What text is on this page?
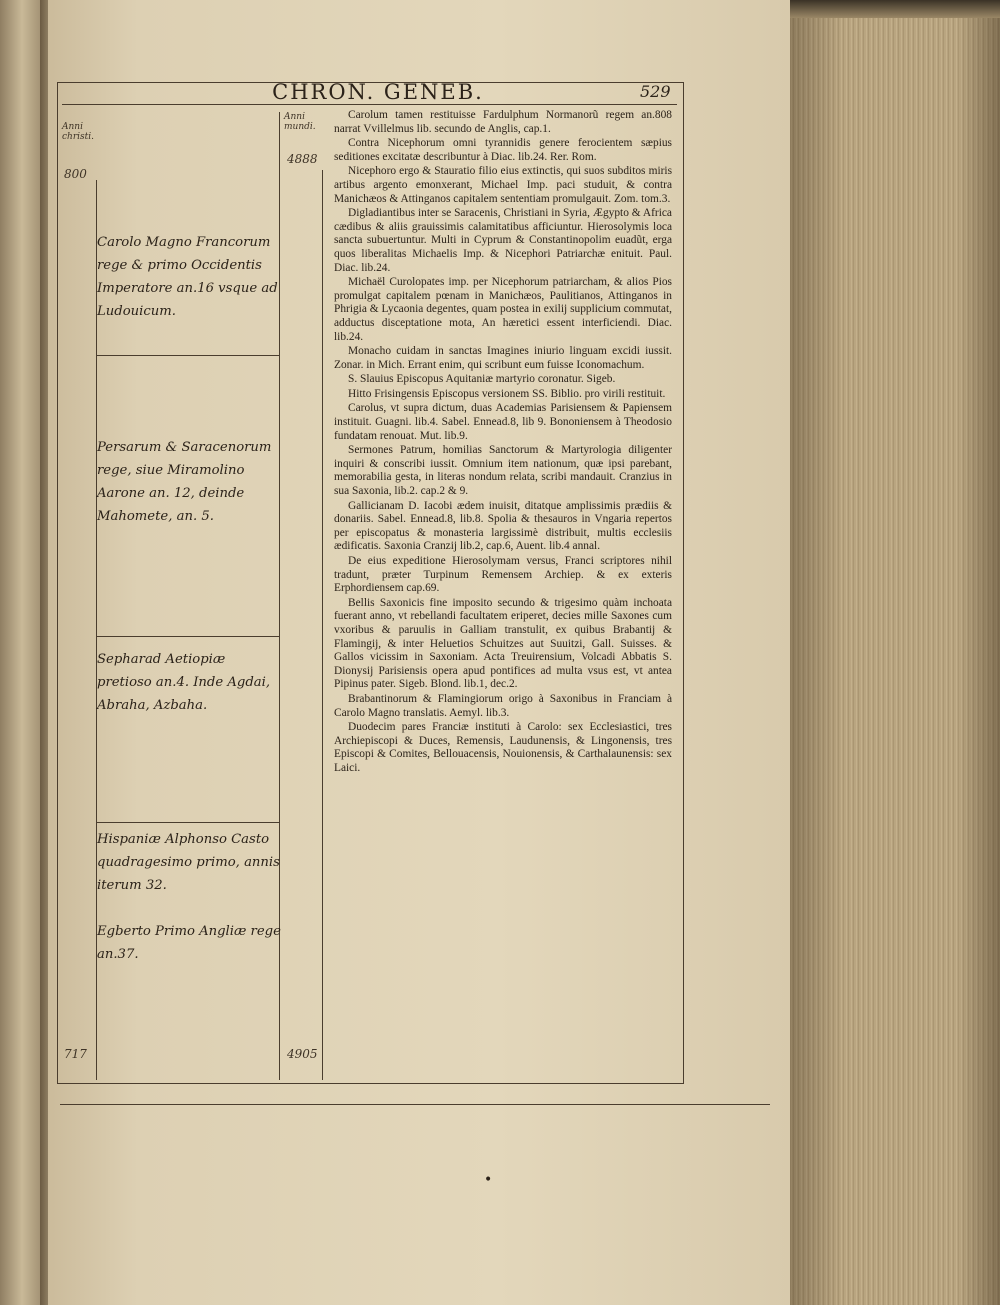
CHRON. GENEB.	529
Anni christi.
Anni mundi.
800
717
4888
4905
Carolo Magno Francorum rege & primo Occidentis Imperatore an.16 vsque ad Ludouicum.
Persarum & Saracenorum rege, siue Miramolino Aarone an. 12, deinde Mahomete, an. 5.
Sepharad Aetiopiæ pretioso an.4. Inde Agdai, Abraha, Azbaha.
Hispaniæ Alphonso Casto quadragesimo primo, annis iterum 32.
Egberto Primo Angliæ rege an.37.

Carolum tamen restituisse Fardulphum Normanorũ regem an.808 narrat Vvillelmus lib. secundo de Anglis, cap.1.

Contra Nicephorum omni tyrannidis genere ferocientem sæpius seditiones excitatæ describuntur à Diac. lib.24. Rer. Rom.

Nicephoro ergo & Stauratio filio eius extinctis, qui suos subditos miris artibus argento emonxerant, Michael Imp. paci studuit, & contra Manichæos & Attinganos capitalem sententiam promulgauit. Zom. tom.3.

Digladiantibus inter se Saracenis, Christiani in Syria, Ægypto & Africa cædibus & aliis grauissimis calamitatibus afficiuntur. Hierosolymis loca sancta subuertuntur. Multi in Cyprum & Constantinopolim euadũt, erga quos liberalitas Michaelis Imp. & Nicephori Patriarchæ enituit. Paul. Diac. lib.24.

Michaël Curolopates imp. per Nicephorum patriarcham, & alios Pios promulgat capitalem pœnam in Manichæos, Paulitianos, Attinganos in Phrigia & Lycaonia degentes, quam postea in exilij supplicium commutat, adductus disceptatione mota, An hæretici essent interficiendi. Diac. lib.24.

Monacho cuidam in sanctas Imagines iniurio linguam excidi iussit. Zonar. in Mich. Errant enim, qui scribunt eum fuisse Iconomachum.

S. Slauius Episcopus Aquitaniæ martyrio coronatur. Sigeb.

Hitto Frisingensis Episcopus versionem SS. Biblio. pro virili restituit.

Carolus, vt supra dictum, duas Academias Parisiensem & Papiensem instituit. Guagni. lib.4. Sabel. Ennead.8, lib 9. Bononiensem à Theodosio fundatam renouat. Mut. lib.9.

Sermones Patrum, homilias Sanctorum & Martyrologia diligenter inquiri & conscribi iussit. Omnium item nationum, quæ ipsi parebant, memorabilia gesta, in literas nondum relata, scribi mandauit. Cranzius in sua Saxonia, lib.2. cap.2 & 9.

Gallicianam D. Iacobi ædem inuisit, ditatque amplissimis prædiis & donariis. Sabel. Ennead.8, lib.8. Spolia & thesauros in Vngaria repertos per episcopatus & monasteria largissimè distribuit, multis ecclesiis ædificatis. Saxonia Cranzij lib.2, cap.6, Auent. lib.4 annal.

De eius expeditione Hierosolymam versus, Franci scriptores nihil tradunt, præter Turpinum Remensem Archiep. & ex exteris Erphordiensem cap.69.

Bellis Saxonicis fine imposito secundo & trigesimo quàm inchoata fuerant anno, vt rebellandi facultatem eriperet, decies mille Saxones cum vxoribus & paruulis in Galliam transtulit, ex quibus Brabantij & Flamingij, & inter Heluetios Schuitzes aut Suuitzi, Gall. Suisses. & Gallos vicissim in Saxoniam. Acta Treuirensium, Volcadi Abbatis S. Dionysij Parisiensis opera apud pontifices ad multa vsus est, vt antea Pipinus pater. Sigeb. Blond. lib.1, dec.2.

Brabantinorum & Flamingiorum origo à Saxonibus in Franciam à Carolo Magno translatis. Aemyl. lib.3.

Duodecim pares Franciæ instituti à Carolo: sex Ecclesiastici, tres Archiepiscopi & Duces, Remensis, Laudunensis, & Lingonensis, tres Episcopi & Comites, Bellouacensis, Nouionensis, & Carthalaunensis: sex Laici.

•
